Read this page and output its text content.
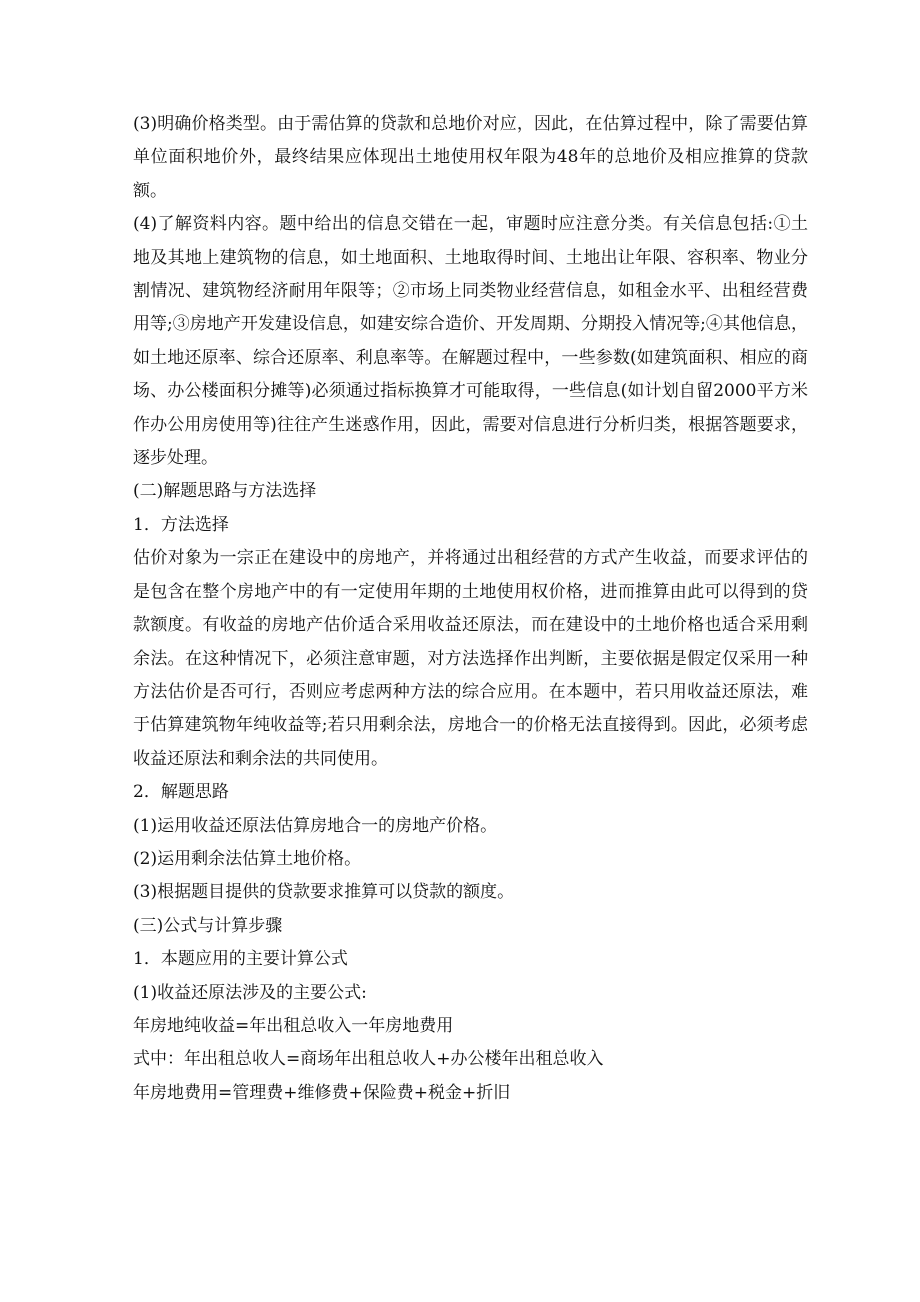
(3)明确价格类型。由于需估算的贷款和总地价对应，因此，在估算过程中，除了需要估算单位面积地价外，最终结果应体现出土地使用权年限为48年的总地价及相应推算的贷款额。

(4)了解资料内容。题中给出的信息交错在一起，审题时应注意分类。有关信息包括:①土地及其地上建筑物的信息，如土地面积、土地取得时间、土地出让年限、容积率、物业分割情况、建筑物经济耐用年限等；②市场上同类物业经营信息，如租金水平、出租经营费用等;③房地产开发建设信息，如建安综合造价、开发周期、分期投入情况等;④其他信息，如土地还原率、综合还原率、利息率等。在解题过程中，一些参数(如建筑面积、相应的商场、办公楼面积分摊等)必须通过指标换算才可能取得，一些信息(如计划自留2000平方米作办公用房使用等)往往产生迷惑作用，因此，需要对信息进行分析归类，根据答题要求，逐步处理。

(二)解题思路与方法选择

1．方法选择

估价对象为一宗正在建设中的房地产，并将通过出租经营的方式产生收益，而要求评估的是包含在整个房地产中的有一定使用年期的土地使用权价格，进而推算由此可以得到的贷款额度。有收益的房地产估价适合采用收益还原法，而在建设中的土地价格也适合采用剩余法。在这种情况下，必须注意审题，对方法选择作出判断，主要依据是假定仅采用一种方法估价是否可行，否则应考虑两种方法的综合应用。在本题中，若只用收益还原法，难于估算建筑物年纯收益等;若只用剩余法，房地合一的价格无法直接得到。因此，必须考虑收益还原法和剩余法的共同使用。

2．解题思路

(1)运用收益还原法估算房地合一的房地产价格。

(2)运用剩余法估算土地价格。

(3)根据题目提供的贷款要求推算可以贷款的额度。

(三)公式与计算步骤

1．本题应用的主要计算公式

(1)收益还原法涉及的主要公式:

年房地纯收益=年出租总收入一年房地费用

式中：年出租总收人=商场年出租总收人+办公楼年出租总收入

年房地费用=管理费+维修费+保险费+税金+折旧
